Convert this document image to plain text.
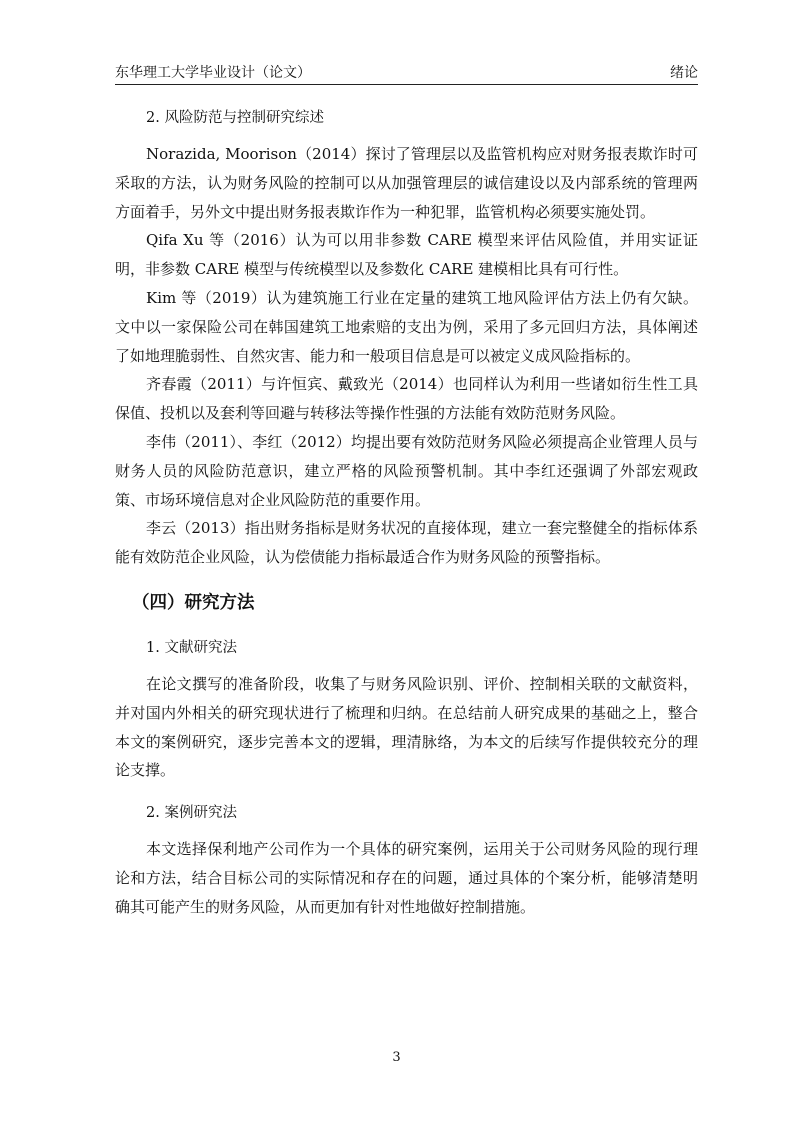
东华理工大学毕业设计（论文）	绪论
2. 风险防范与控制研究综述

Norazida, Moorison（2014）探讨了管理层以及监管机构应对财务报表欺诈时可采取的方法，认为财务风险的控制可以从加强管理层的诚信建设以及内部系统的管理两方面着手，另外文中提出财务报表欺诈作为一种犯罪，监管机构必须要实施处罚。

Qifa Xu 等（2016）认为可以用非参数 CARE 模型来评估风险值，并用实证证明，非参数 CARE 模型与传统模型以及参数化 CARE 建模相比具有可行性。

Kim 等（2019）认为建筑施工行业在定量的建筑工地风险评估方法上仍有欠缺。文中以一家保险公司在韩国建筑工地索赔的支出为例，采用了多元回归方法，具体阐述了如地理脆弱性、自然灾害、能力和一般项目信息是可以被定义成风险指标的。

齐春霞（2011）与许恒宾、戴致光（2014）也同样认为利用一些诸如衍生性工具保值、投机以及套利等回避与转移法等操作性强的方法能有效防范财务风险。

李伟（2011）、李红（2012）均提出要有效防范财务风险必须提高企业管理人员与财务人员的风险防范意识，建立严格的风险预警机制。其中李红还强调了外部宏观政策、市场环境信息对企业风险防范的重要作用。

李云（2013）指出财务指标是财务状况的直接体现，建立一套完整健全的指标体系能有效防范企业风险，认为偿债能力指标最适合作为财务风险的预警指标。

（四）研究方法
1. 文献研究法

在论文撰写的准备阶段，收集了与财务风险识别、评价、控制相关联的文献资料，并对国内外相关的研究现状进行了梳理和归纳。在总结前人研究成果的基础之上，整合本文的案例研究，逐步完善本文的逻辑，理清脉络，为本文的后续写作提供较充分的理论支撑。

2. 案例研究法

本文选择保利地产公司作为一个具体的研究案例，运用关于公司财务风险的现行理论和方法，结合目标公司的实际情况和存在的问题，通过具体的个案分析，能够清楚明确其可能产生的财务风险，从而更加有针对性地做好控制措施。

3
